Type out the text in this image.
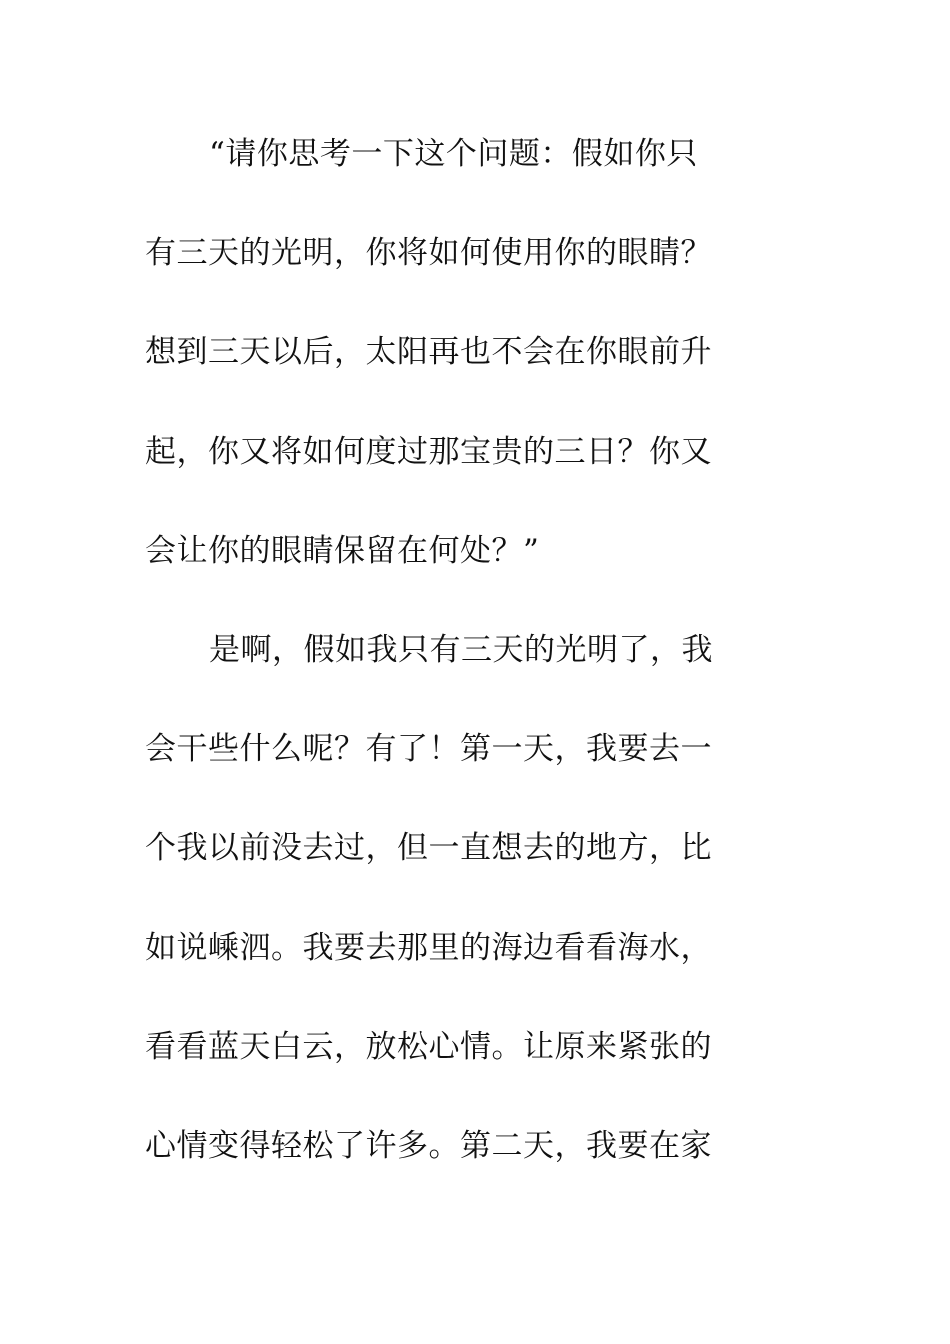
“请你思考一下这个问题：假如你只
有三天的光明，你将如何使用你的眼睛？
想到三天以后，太阳再也不会在你眼前升
起，你又将如何度过那宝贵的三日？你又
会让你的眼睛保留在何处？”
是啊，假如我只有三天的光明了，我
会干些什么呢？有了！第一天，我要去一
个我以前没去过，但一直想去的地方，比
如说嵊泗。我要去那里的海边看看海水，
看看蓝天白云，放松心情。让原来紧张的
心情变得轻松了许多。第二天，我要在家
